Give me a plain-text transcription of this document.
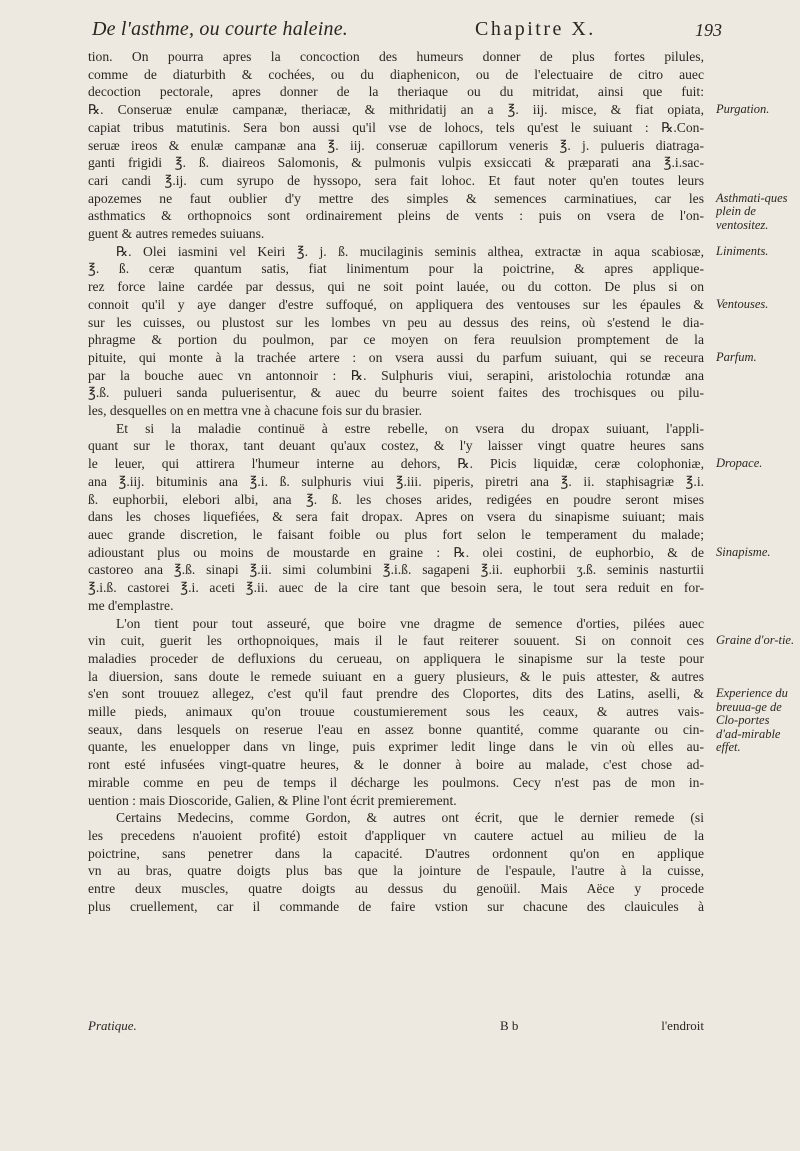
De l'asthme, ou courte haleine.	Chapitre X.	193
tion. On pourra apres la concoction des humeurs donner de plus fortes pilules,
comme de diaturbith & cochées, ou du diaphenicon, ou de l'electuaire de citro auec
decoction pectorale, apres donner de la theriaque ou du mitridat, ainsi que fuit:
℞. Conseruæ enulæ campanæ, theriacæ, & mithridatij an a ℥. iij. misce, & fiat opiata,
capiat tribus matutinis. Sera bon aussi qu'il vse de lohocs, tels qu'est le suiuant : ℞.Con-
seruæ ireos & enulæ campanæ ana ℥. iij. conseruæ capillorum veneris ℥. j. pulueris diatraga-
ganti frigidi ℥. ß. diaireos Salomonis, & pulmonis vulpis exsiccati & præparati ana ℥.i.sac-
cari candi ℥.ij. cum syrupo de hyssopo, sera fait lohoc. Et faut noter qu'en toutes leurs
apozemes ne faut oublier d'y mettre des simples & semences carminatiues, car les
asthmatics & orthopnoics sont ordinairement pleins de vents : puis on vsera de l'on-
guent & autres remedes suiuans.
℞. Olei iasmini vel Keiri ℥. j. ß. mucilaginis seminis althea, extractæ in aqua scabiosæ,
℥. ß. ceræ quantum satis, fiat linimentum pour la poictrine, & apres applique-
rez force laine cardée par dessus, qui ne soit point lauée, ou du cotton. De plus si on
connoit qu'il y aye danger d'estre suffoqué, on appliquera des ventouses sur les épaules &
sur les cuisses, ou plustost sur les lombes vn peu au dessus des reins, où s'estend le dia-
phragme & portion du poulmon, par ce moyen on fera reuulsion promptement de la
pituite, qui monte à la trachée artere : on vsera aussi du parfum suiuant, qui se receura
par la bouche auec vn antonnoir : ℞. Sulphuris viui, serapini, aristolochia rotundæ ana
℥.ß. pulueri sanda puluerisentur, & auec du beurre soient faites des trochisques ou pilu-
les, desquelles on en mettra vne à chacune fois sur du brasier.
Et si la maladie continuë à estre rebelle, on vsera du dropax suiuant, l'appli-
quant sur le thorax, tant deuant qu'aux costez, & l'y laisser vingt quatre heures sans
le leuer, qui attirera l'humeur interne au dehors, ℞. Picis liquidæ, ceræ colophoniæ,
ana ℥.iij. bituminis ana ℥.i. ß. sulphuris viui ℥.iii. piperis, piretri ana ℥. ii. staphisagriæ ℥.i.
ß. euphorbii, elebori albi, ana ℥. ß. les choses arides, redigées en poudre seront mises
dans les choses liquefiées, & sera fait dropax. Apres on vsera du sinapisme suiuant; mais
auec grande discretion, le faisant foible ou plus fort selon le temperament du malade;
adioustant plus ou moins de moustarde en graine : ℞. olei costini, de euphorbio, & de
castoreo ana ℥.ß. sinapi ℥.ii. simi columbini ℥.i.ß. sagapeni ℥.ii. euphorbii ʒ.ß. seminis nasturtii
℥.i.ß. castorei ℥.i. aceti ℥.ii. auec de la cire tant que besoin sera, le tout sera reduit en for-
me d'emplastre.
L'on tient pour tout asseuré, que boire vne dragme de semence d'orties, pilées auec
vin cuit, guerit les orthopnoiques, mais il le faut reiterer souuent. Si on connoit ces
maladies proceder de defluxions du cerueau, on appliquera le sinapisme sur la teste pour
la diuersion, sans doute le remede suiuant en a guery plusieurs, & le puis attester, & autres
s'en sont trouuez allegez, c'est qu'il faut prendre des Cloportes, dits des Latins, aselli, &
mille pieds, animaux qu'on trouue coustumierement sous les ceaux, & autres vais-
seaux, dans lesquels on reserue l'eau en assez bonne quantité, comme quarante ou cin-
quante, les enuelopper dans vn linge, puis exprimer ledit linge dans le vin où elles au-
ront esté infusées vingt-quatre heures, & le donner à boire au malade, c'est chose ad-
mirable comme en peu de temps il décharge les poulmons. Cecy n'est pas de mon in-
uention : mais Dioscoride, Galien, & Pline l'ont écrit premierement.
Certains Medecins, comme Gordon, & autres ont écrit, que le dernier remede (si
les precedens n'auoient profité) estoit d'appliquer vn cautere actuel au milieu de la
poictrine, sans penetrer dans la capacité. D'autres ordonnent qu'on en applique
vn au bras, quatre doigts plus bas que la jointure de l'espaule, l'autre à la cuisse,
entre deux muscles, quatre doigts au dessus du genoüil. Mais Aëce y procede
plus cruellement, car il commande de faire vstion sur chacune des clauicules à
Purgation.
Asthmati-ques plein de ventositez.
Liniments.
Ventouses.
Parfum.
Dropace.
Sinapisme.
Graine d'or-tie.
Experience du breuua-ge de Clo-portes d'ad-mirable effet.
Pratique.	B b	l'endroit
